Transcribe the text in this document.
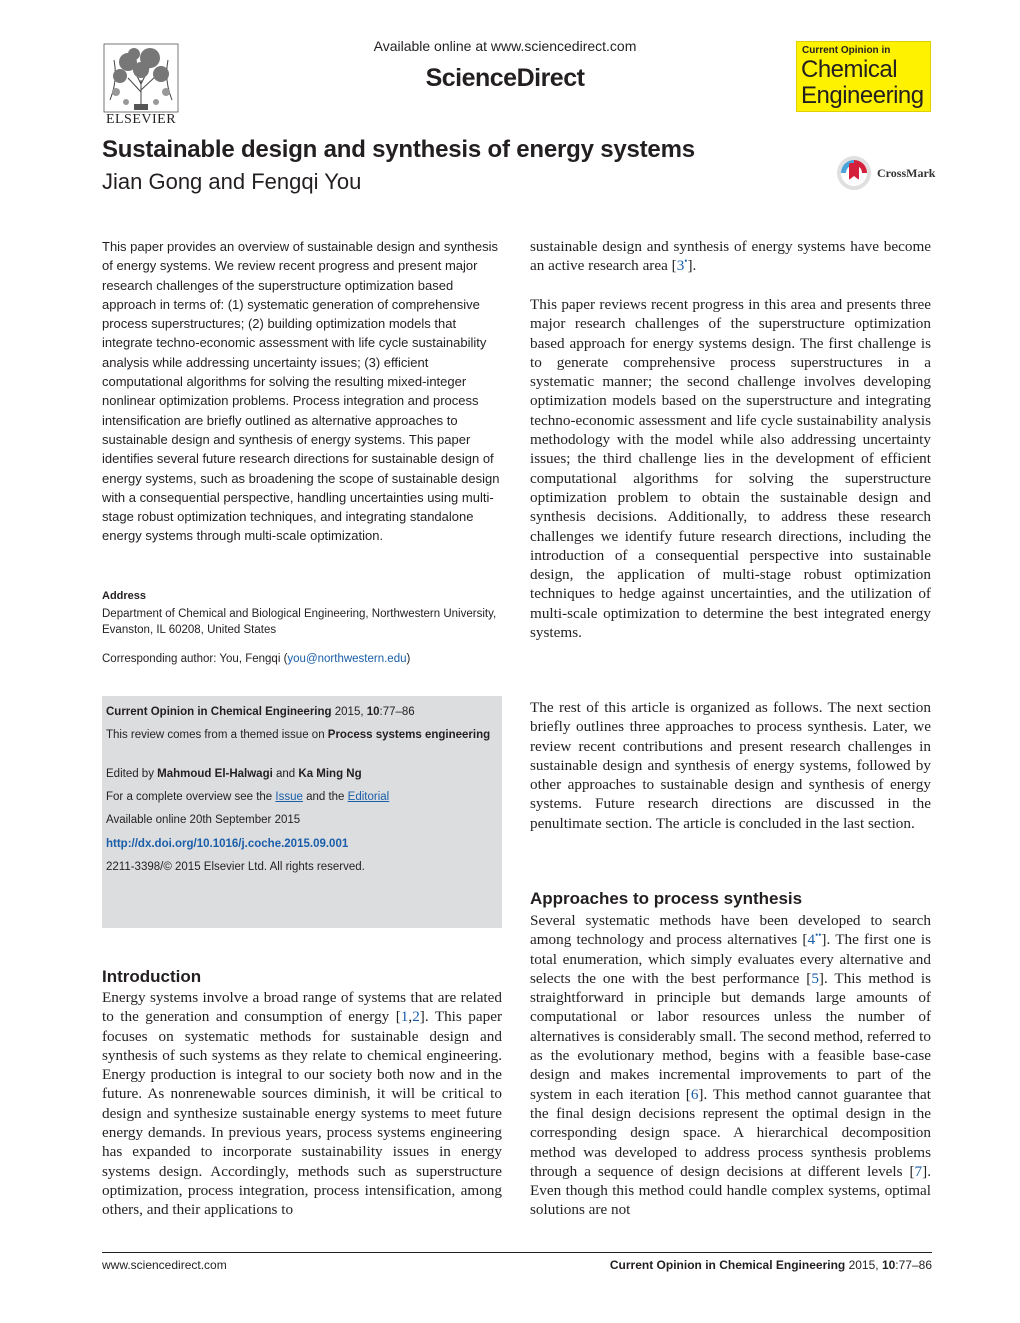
ELSEVIER
Available online at www.sciencedirect.com
ScienceDirect
Current Opinion in
Chemical
Engineering
Sustainable design and synthesis of energy systems
Jian Gong and Fengqi You	CrossMark

This paper provides an overview of sustainable design and synthesis of energy systems. We review recent progress and present major research challenges of the superstructure optimization based approach in terms of: (1) systematic generation of comprehensive process superstructures; (2) building optimization models that integrate techno-economic assessment with life cycle sustainability analysis while addressing uncertainty issues; (3) efficient computational algorithms for solving the resulting mixed-integer nonlinear optimization problems. Process integration and process intensification are briefly outlined as alternative approaches to sustainable design and synthesis of energy systems. This paper identifies several future research directions for sustainable design of energy systems, such as broadening the scope of sustainable design with a consequential perspective, handling uncertainties using multi-stage robust optimization techniques, and integrating standalone energy systems through multi-scale optimization.

Address

Department of Chemical and Biological Engineering, Northwestern University, Evanston, IL 60208, United States

Corresponding author: You, Fengqi (you@northwestern.edu)
Current Opinion in Chemical Engineering 2015, 10:77–86
This review comes from a themed issue on Process systems engineering
Edited by Mahmoud El-Halwagi and Ka Ming Ng
For a complete overview see the Issue and the Editorial
Available online 20th September 2015
http://dx.doi.org/10.1016/j.coche.2015.09.001
2211-3398/© 2015 Elsevier Ltd. All rights reserved.
Introduction

Energy systems involve a broad range of systems that are related to the generation and consumption of energy [1,2]. This paper focuses on systematic methods for sustainable design and synthesis of such systems as they relate to chemical engineering. Energy production is integral to our society both now and in the future. As nonrenewable sources diminish, it will be critical to design and synthesize sustainable energy systems to meet future energy demands. In previous years, process systems engineering has expanded to incorporate sustainability issues in energy systems design. Accordingly, methods such as superstructure optimization, process integration, process intensification, among others, and their applications to

sustainable design and synthesis of energy systems have become an active research area [3•].

This paper reviews recent progress in this area and presents three major research challenges of the superstructure optimization based approach for energy systems design. The first challenge is to generate comprehensive process superstructures in a systematic manner; the second challenge involves developing optimization models based on the superstructure and integrating techno-economic assessment and life cycle sustainability analysis methodology with the model while also addressing uncertainty issues; the third challenge lies in the development of efficient computational algorithms for solving the superstructure optimization problem to obtain the sustainable design and synthesis decisions. Additionally, to address these research challenges we identify future research directions, including the introduction of a consequential perspective into sustainable design, the application of multi-stage robust optimization techniques to hedge against uncertainties, and the utilization of multi-scale optimization to determine the best integrated energy systems.

The rest of this article is organized as follows. The next section briefly outlines three approaches to process synthesis. Later, we review recent contributions and present research challenges in sustainable design and synthesis of energy systems, followed by other approaches to sustainable design and synthesis of energy systems. Future research directions are discussed in the penultimate section. The article is concluded in the last section.

Approaches to process synthesis

Several systematic methods have been developed to search among technology and process alternatives [4••]. The first one is total enumeration, which simply evaluates every alternative and selects the one with the best performance [5]. This method is straightforward in principle but demands large amounts of computational or labor resources unless the number of alternatives is considerably small. The second method, referred to as the evolutionary method, begins with a feasible base-case design and makes incremental improvements to part of the system in each iteration [6]. This method cannot guarantee that the final design decisions represent the optimal design in the corresponding design space. A hierarchical decomposition method was developed to address process synthesis problems through a sequence of design decisions at different levels [7]. Even though this method could handle complex systems, optimal solutions are not

www.sciencedirect.com	Current Opinion in Chemical Engineering 2015, 10:77–86
